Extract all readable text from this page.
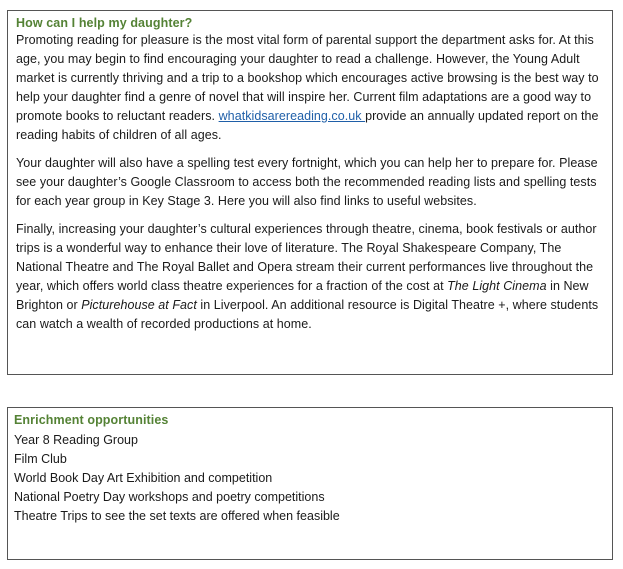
How can I help my daughter?

Promoting reading for pleasure is the most vital form of parental support the department asks for. At this age, you may begin to find encouraging your daughter to read a challenge. However, the Young Adult market is currently thriving and a trip to a bookshop which encourages active browsing is the best way to help your daughter find a genre of novel that will inspire her. Current film adaptations are a good way to promote books to reluctant readers. whatkidsarereading.co.uk provide an annually updated report on the reading habits of children of all ages.

Your daughter will also have a spelling test every fortnight, which you can help her to prepare for. Please see your daughter’s Google Classroom to access both the recommended reading lists and spelling tests for each year group in Key Stage 3. Here you will also find links to useful websites.

Finally, increasing your daughter’s cultural experiences through theatre, cinema, book festivals or author trips is a wonderful way to enhance their love of literature. The Royal Shakespeare Company, The National Theatre and The Royal Ballet and Opera stream their current performances live throughout the year, which offers world class theatre experiences for a fraction of the cost at The Light Cinema in New Brighton or Picturehouse at Fact in Liverpool. An additional resource is Digital Theatre +, where students can watch a wealth of recorded productions at home.

Enrichment opportunities
Year 8 Reading Group
Film Club
World Book Day Art Exhibition and competition
National Poetry Day workshops and poetry competitions
Theatre Trips to see the set texts are offered when feasible
